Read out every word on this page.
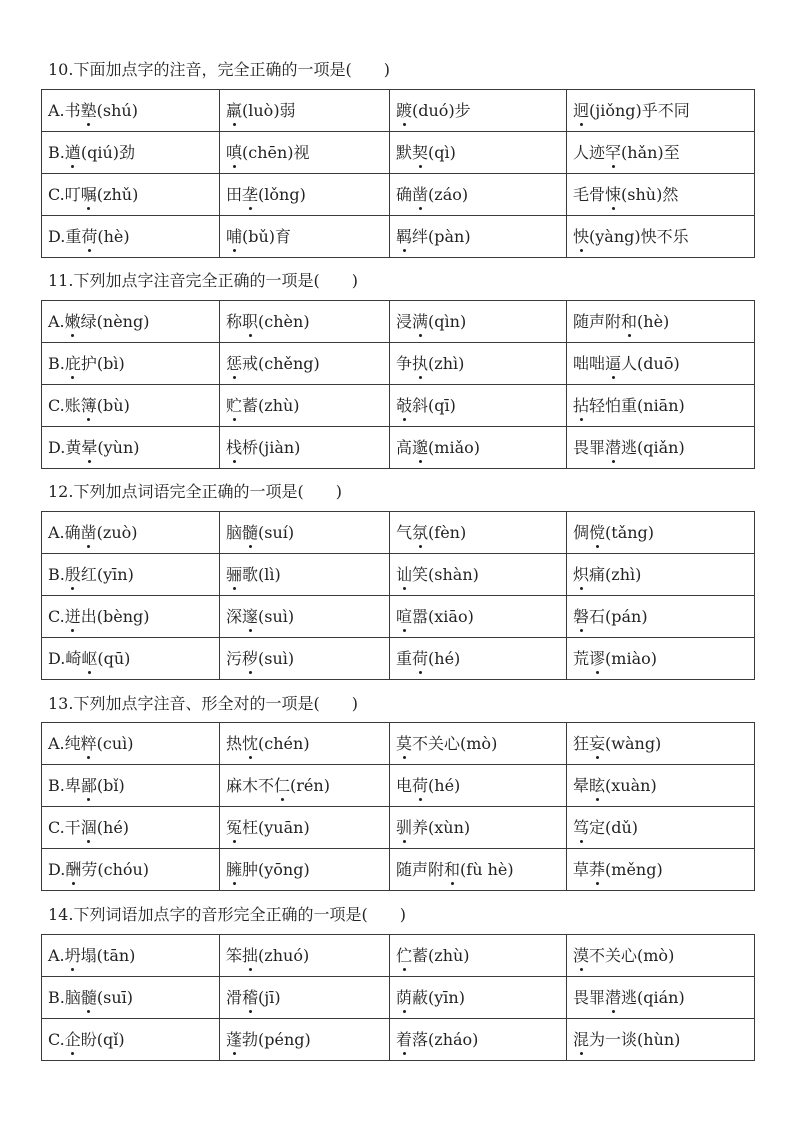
10.下面加点字的注音，完全正确的一项是(　　)
A.书塾(shú)	羸(luò)弱	踱(duó)步	迥(jiǒng)乎不同
B.遒(qiú)劲	嗔(chēn)视	默契(qì)	人迹罕(hǎn)至
C.叮嘱(zhǔ)	田垄(lǒng)	确凿(záo)	毛骨悚(shù)然
D.重荷(hè)	哺(bǔ)育	羁绊(pàn)	怏(yàng)怏不乐
11.下列加点字注音完全正确的一项是(　　)
A.嫩绿(nèng)	称职(chèn)	浸满(qìn)	随声附和(hè)
B.庇护(bì)	惩戒(chěng)	争执(zhì)	咄咄逼人(duō)
C.账簿(bù)	贮蓄(zhù)	攲斜(qī)	拈轻怕重(niān)
D.黄晕(yùn)	栈桥(jiàn)	高邈(miǎo)	畏罪潜逃(qiǎn)
12.下列加点词语完全正确的一项是(　　)
A.确凿(zuò)	脑髓(suí)	气氛(fèn)	倜傥(tǎng)
B.殷红(yīn)	骊歌(lì)	讪笑(shàn)	炽痛(zhì)
C.迸出(bèng)	深邃(suì)	喧嚣(xiāo)	磐石(pán)
D.崎岖(qū)	污秽(suì)	重荷(hé)	荒谬(miào)
13.下列加点字注音、形全对的一项是(　　)
A.纯粹(cuì)	热忱(chén)	莫不关心(mò)	狂妄(wàng)
B.卑鄙(bǐ)	麻木不仁(rén)	电荷(hé)	晕眩(xuàn)
C.干涸(hé)	冤枉(yuān)	驯养(xùn)	笃定(dǔ)
D.酬劳(chóu)	臃肿(yōng)	随声附和(fù hè)	草莽(měng)
14.下列词语加点字的音形完全正确的一项是(　　)
A.坍塌(tān)	笨拙(zhuó)	伫蓄(zhù)	漠不关心(mò)
B.脑髓(suī)	滑稽(jī)	荫蔽(yīn)	畏罪潜逃(qián)
C.企盼(qǐ)	蓬勃(péng)	着落(zháo)	混为一谈(hùn)
